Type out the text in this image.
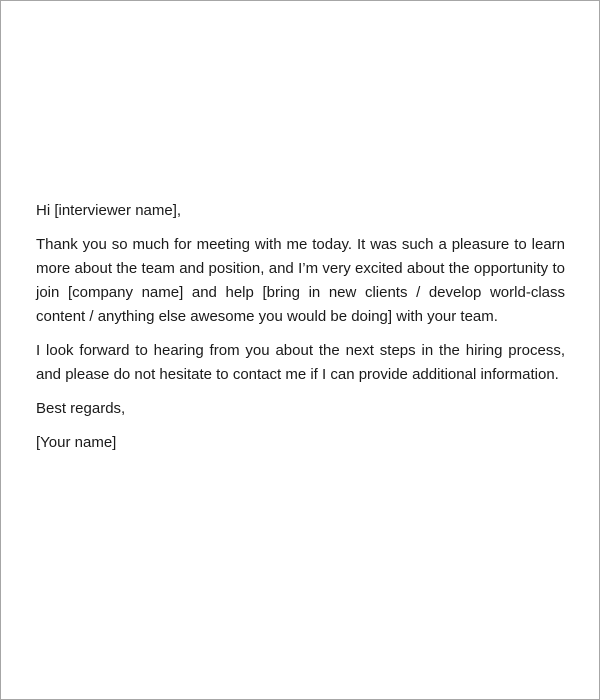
Hi [interviewer name],

Thank you so much for meeting with me today. It was such a pleasure to learn more about the team and position, and I’m very excited about the opportunity to join [company name] and help [bring in new clients / develop world-class content / anything else awesome you would be doing] with your team.

I look forward to hearing from you about the next steps in the hiring process, and please do not hesitate to contact me if I can provide additional information.

Best regards,

[Your name]
